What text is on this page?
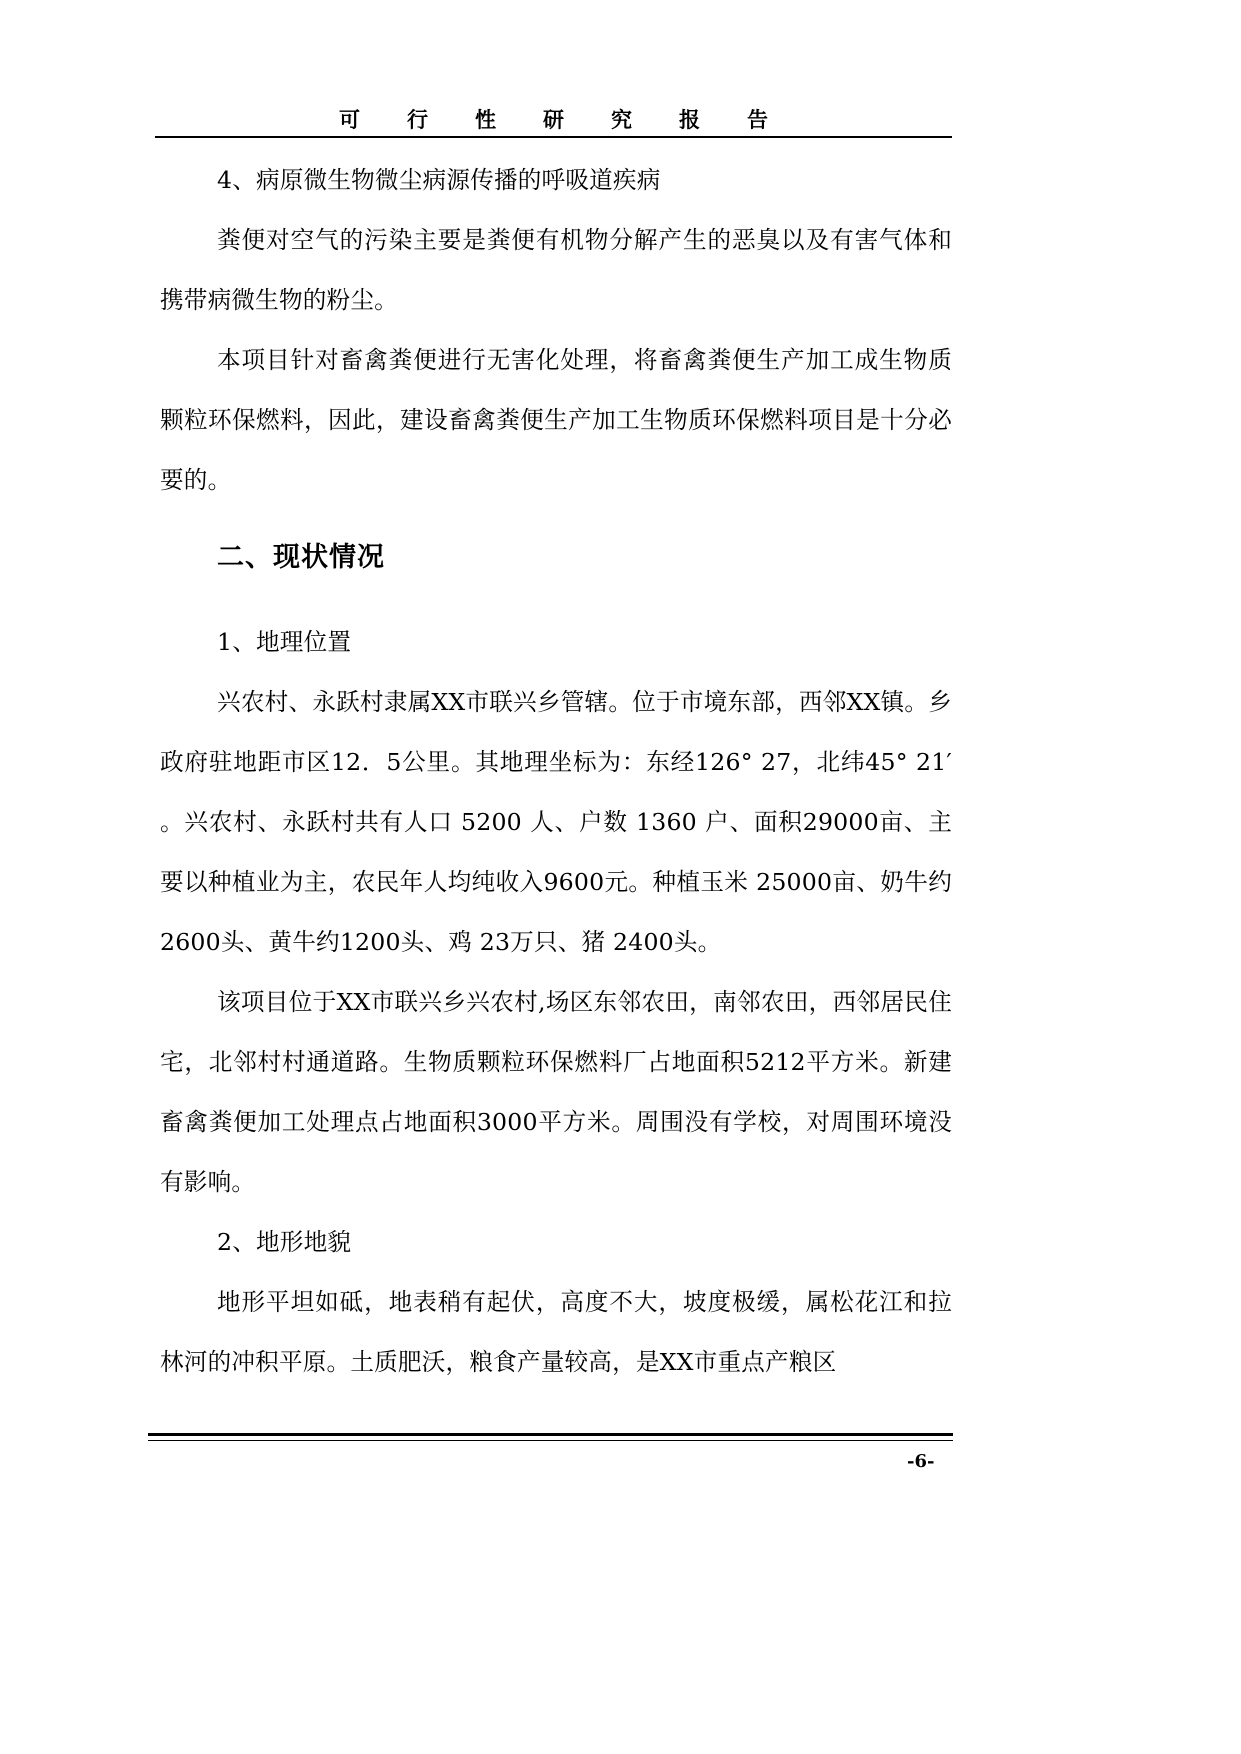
可行性研究报告

4、病原微生物微尘病源传播的呼吸道疾病

粪便对空气的污染主要是粪便有机物分解产生的恶臭以及有害气体和携带病微生物的粉尘。

本项目针对畜禽粪便进行无害化处理，将畜禽粪便生产加工成生物质颗粒环保燃料，因此，建设畜禽粪便生产加工生物质环保燃料项目是十分必要的。

二、现状情况

1、地理位置

兴农村、永跃村隶属XX市联兴乡管辖。位于市境东部，西邻XX镇。乡政府驻地距市区12．5公里。其地理坐标为：东经126° 27，北纬45° 21′ 。兴农村、永跃村共有人口 5200 人、户数 1360 户、面积29000亩、主要以种植业为主，农民年人均纯收入9600元。种植玉米 25000亩、奶牛约2600头、黄牛约1200头、鸡 23万只、猪 2400头。

该项目位于XX市联兴乡兴农村,场区东邻农田，南邻农田，西邻居民住宅，北邻村村通道路。生物质颗粒环保燃料厂占地面积5212平方米。新建畜禽粪便加工处理点占地面积3000平方米。周围没有学校，对周围环境没有影响。

2、地形地貌

地形平坦如砥，地表稍有起伏，高度不大，坡度极缓，属松花江和拉林河的冲积平原。土质肥沃，粮食产量较高，是XX市重点产粮区

-6-
